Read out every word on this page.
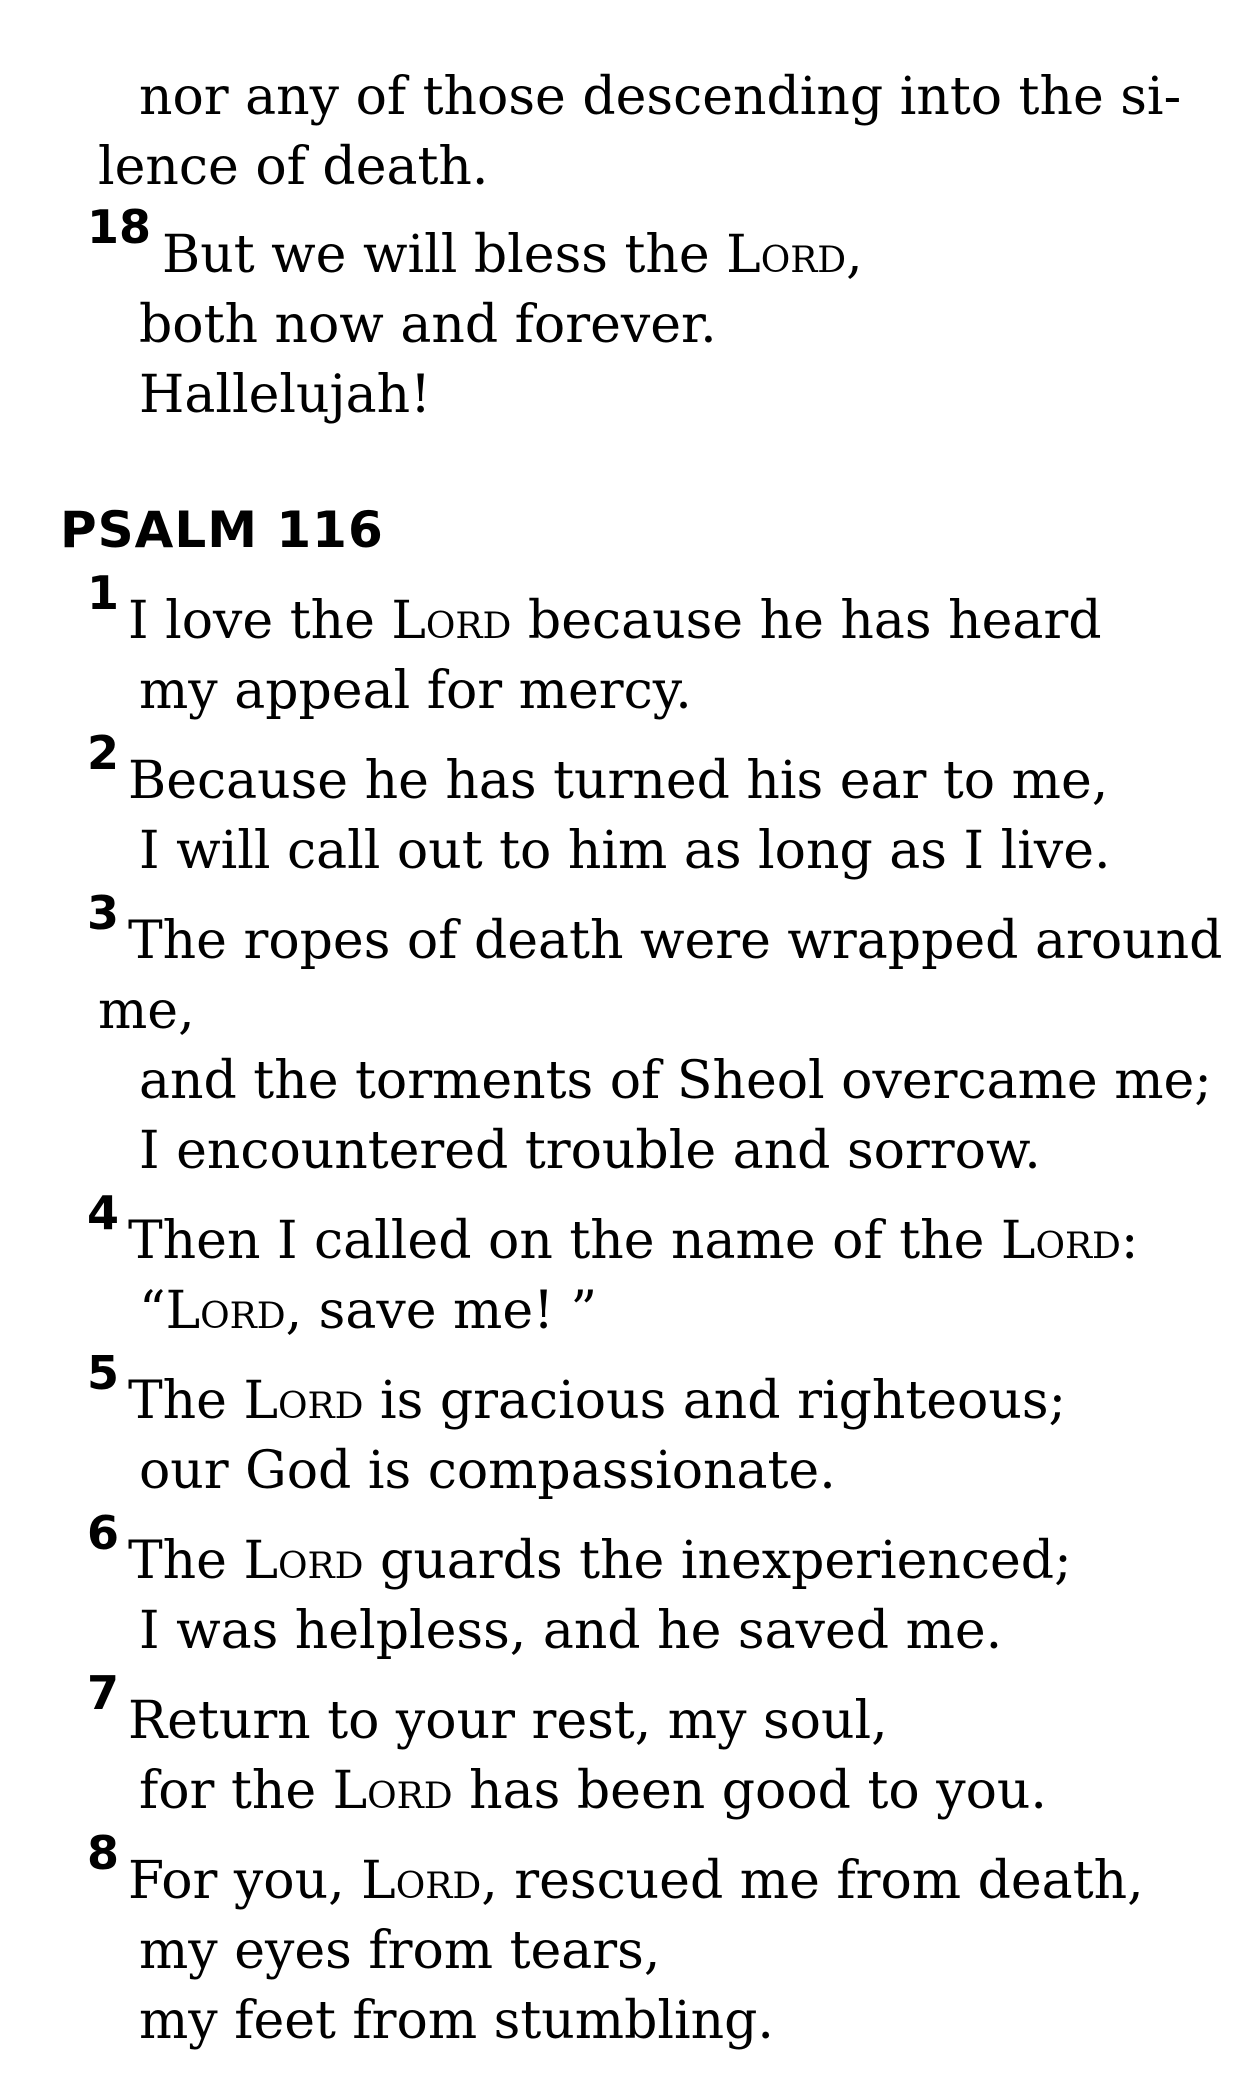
nor any of those descending into the si-
lence of death.
18 But we will bless the Lord,
both now and forever.
Hallelujah!
PSALM 116
1 I love the Lord because he has heard
my appeal for mercy.
2 Because he has turned his ear to me,
I will call out to him as long as I live.
3 The ropes of death were wrapped around
me,
and the torments of Sheol overcame me;
I encountered trouble and sorrow.
4 Then I called on the name of the Lord:
“Lord, save me! ”
5 The Lord is gracious and righteous;
our God is compassionate.
6 The Lord guards the inexperienced;
I was helpless, and he saved me.
7 Return to your rest, my soul,
for the Lord has been good to you.
8 For you, Lord, rescued me from death,
my eyes from tears,
my feet from stumbling.
